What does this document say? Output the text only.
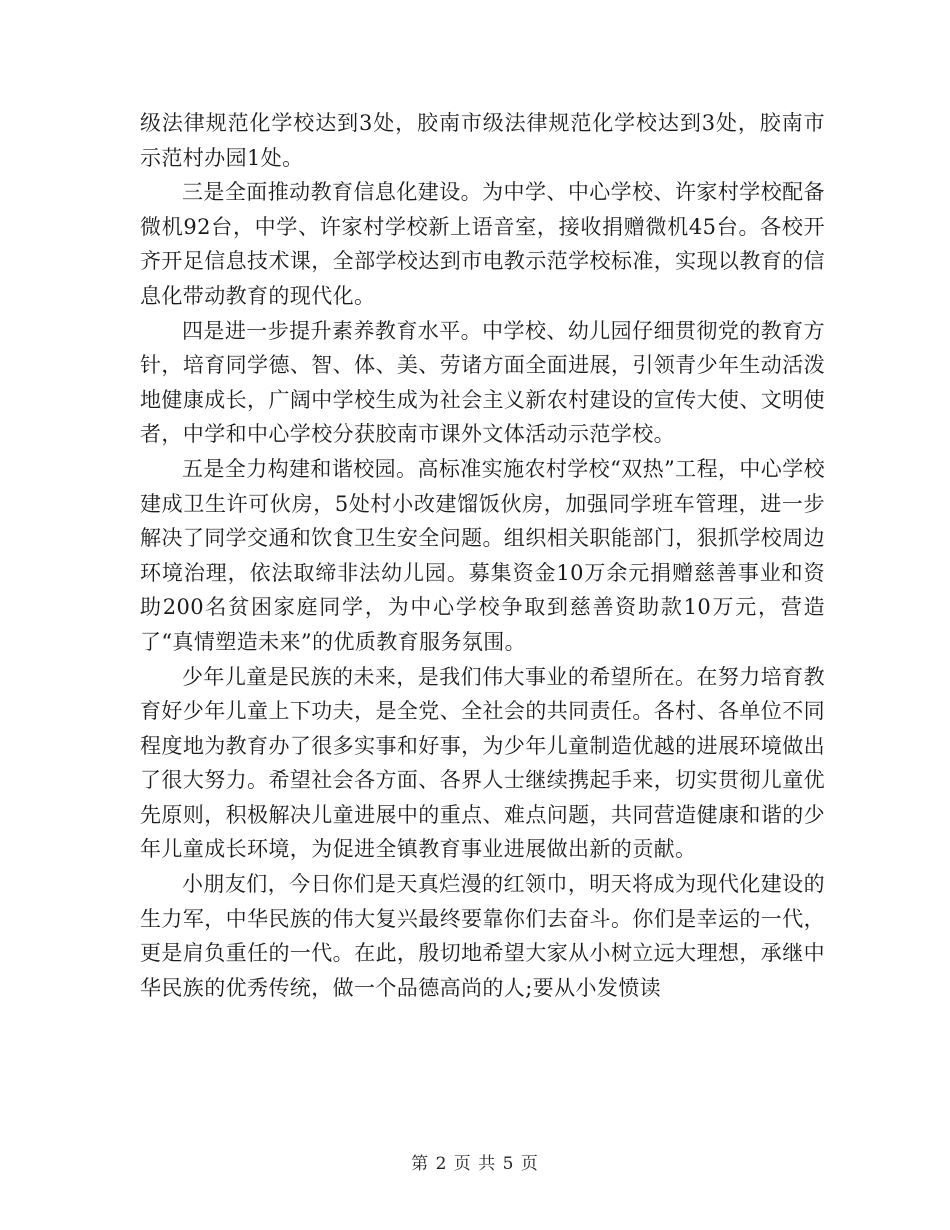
级法律规范化学校达到3处，胶南市级法律规范化学校达到3处，胶南市示范村办园1处。

三是全面推动教育信息化建设。为中学、中心学校、许家村学校配备微机92台，中学、许家村学校新上语音室，接收捐赠微机45台。各校开齐开足信息技术课，全部学校达到市电教示范学校标准，实现以教育的信息化带动教育的现代化。

四是进一步提升素养教育水平。中学校、幼儿园仔细贯彻党的教育方针，培育同学德、智、体、美、劳诸方面全面进展，引领青少年生动活泼地健康成长，广阔中学校生成为社会主义新农村建设的宣传大使、文明使者，中学和中心学校分获胶南市课外文体活动示范学校。

五是全力构建和谐校园。高标准实施农村学校“双热”工程，中心学校建成卫生许可伙房，5处村小改建馏饭伙房，加强同学班车管理，进一步解决了同学交通和饮食卫生安全问题。组织相关职能部门，狠抓学校周边环境治理，依法取缔非法幼儿园。募集资金10万余元捐赠慈善事业和资助200名贫困家庭同学，为中心学校争取到慈善资助款10万元，营造了“真情塑造未来”的优质教育服务氛围。

少年儿童是民族的未来，是我们伟大事业的希望所在。在努力培育教育好少年儿童上下功夫，是全党、全社会的共同责任。各村、各单位不同程度地为教育办了很多实事和好事，为少年儿童制造优越的进展环境做出了很大努力。希望社会各方面、各界人士继续携起手来，切实贯彻儿童优先原则，积极解决儿童进展中的重点、难点问题，共同营造健康和谐的少年儿童成长环境，为促进全镇教育事业进展做出新的贡献。

小朋友们，今日你们是天真烂漫的红领巾，明天将成为现代化建设的生力军，中华民族的伟大复兴最终要靠你们去奋斗。你们是幸运的一代，更是肩负重任的一代。在此，殷切地希望大家从小树立远大理想，承继中华民族的优秀传统，做一个品德高尚的人;要从小发愤读

第 2 页 共 5 页
